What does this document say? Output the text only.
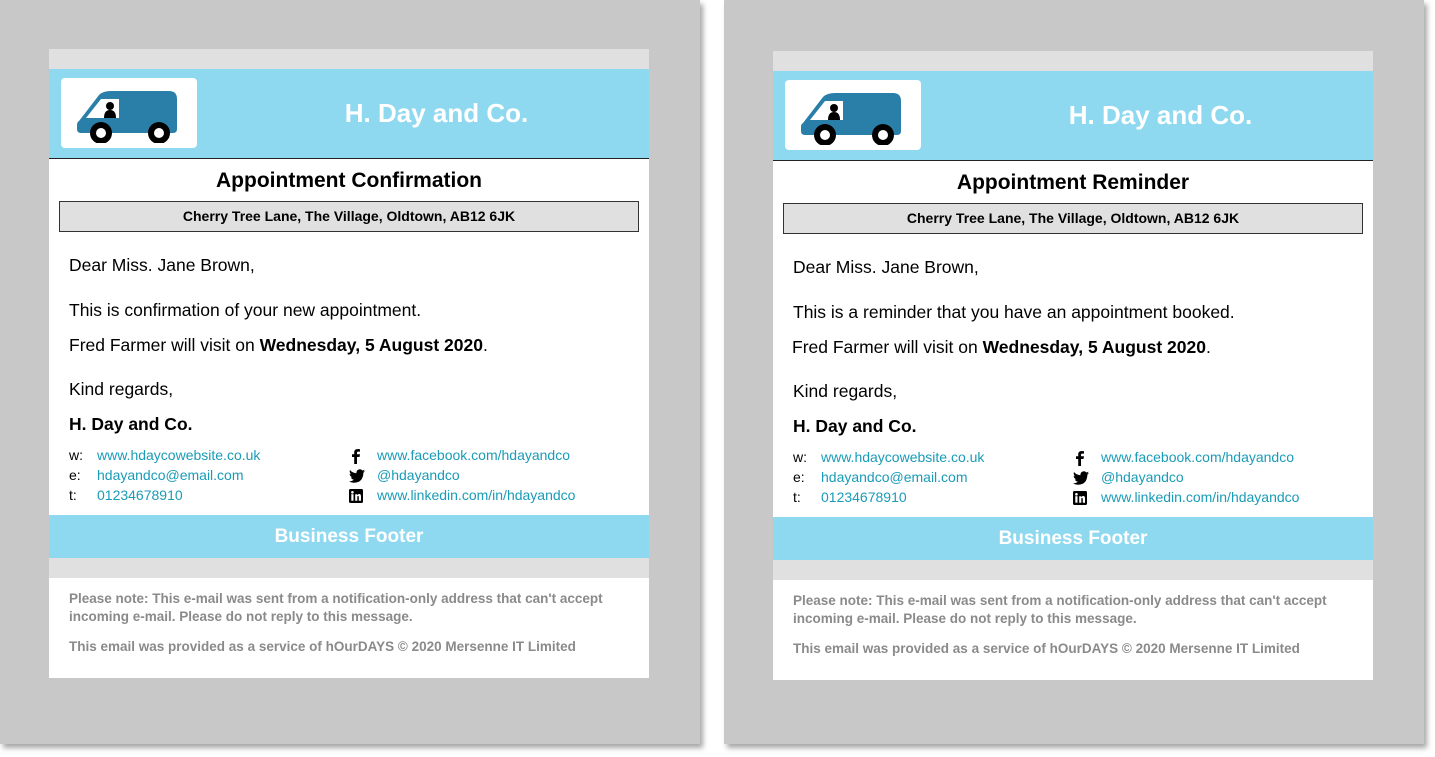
H. Day and Co.
Appointment Confirmation
Cherry Tree Lane, The Village, Oldtown, AB12 6JK
Dear Miss. Jane Brown,
This is confirmation of your new appointment.
Fred Farmer will visit on Wednesday, 5 August 2020.
Kind regards,
H. Day and Co.
w: www.hdaycowebsite.co.uk
e: hdayandco@email.com
t: 01234678910
www.facebook.com/hdayandco
@hdayandco
www.linkedin.com/in/hdayandco
Business Footer
Please note: This e-mail was sent from a notification-only address that can't accept incoming e-mail. Please do not reply to this message.
This email was provided as a service of hOurDAYS © 2020 Mersenne IT Limited
H. Day and Co.
Appointment Reminder
Cherry Tree Lane, The Village, Oldtown, AB12 6JK
Dear Miss. Jane Brown,
This is a reminder that you have an appointment booked.
Fred Farmer will visit on Wednesday, 5 August 2020.
Kind regards,
H. Day and Co.
w: www.hdaycowebsite.co.uk
e: hdayandco@email.com
t: 01234678910
www.facebook.com/hdayandco
@hdayandco
www.linkedin.com/in/hdayandco
Business Footer
Please note: This e-mail was sent from a notification-only address that can't accept incoming e-mail. Please do not reply to this message.
This email was provided as a service of hOurDAYS © 2020 Mersenne IT Limited
